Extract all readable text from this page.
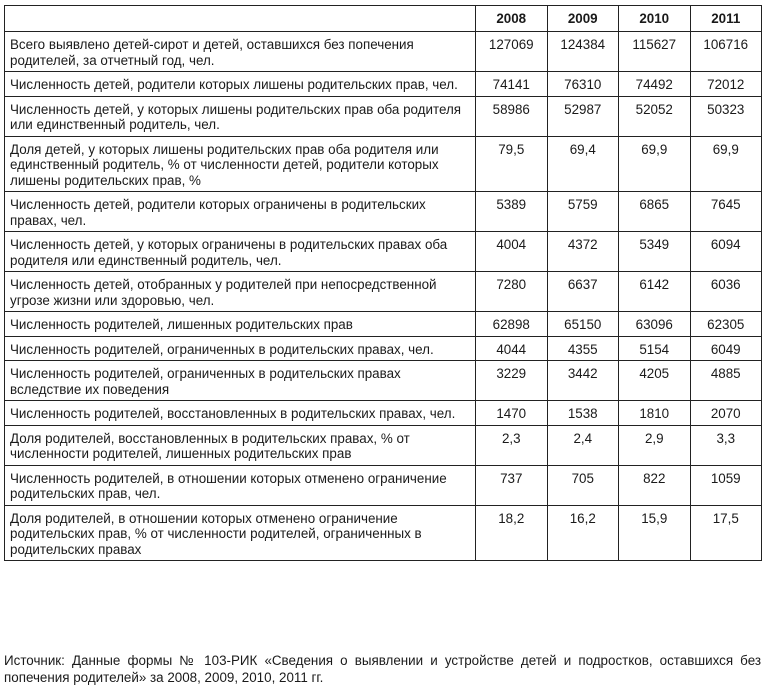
	2008	2009	2010	2011
Всего выявлено детей-сирот и детей, оставшихся без попечения родителей, за отчетный год, чел.	127069	124384	115627	106716
Численность детей, родители которых лишены родительских прав, чел.	74141	76310	74492	72012
Численность детей, у которых лишены родительских прав оба родителя или единственный родитель, чел.	58986	52987	52052	50323
Доля детей, у которых лишены родительских прав оба родителя или единственный родитель, % от численности детей, родители которых лишены родительских прав, %	79,5	69,4	69,9	69,9
Численность детей, родители которых ограничены в родительских правах, чел.	5389	5759	6865	7645
Численность детей, у которых ограничены в родительских правах оба родителя или единственный родитель, чел.	4004	4372	5349	6094
Численность детей, отобранных у родителей при непосредственной угрозе жизни или здоровью, чел.	7280	6637	6142	6036
Численность родителей, лишенных родительских прав	62898	65150	63096	62305
Численность родителей, ограниченных в родительских правах, чел.	4044	4355	5154	6049
Численность родителей, ограниченных в родительских правах вследствие их поведения	3229	3442	4205	4885
Численность родителей, восстановленных в родительских правах, чел.	1470	1538	1810	2070
Доля родителей, восстановленных в родительских правах, % от численности родителей, лишенных родительских прав	2,3	2,4	2,9	3,3
Численность родителей, в отношении которых отменено ограничение родительских прав, чел.	737	705	822	1059
Доля родителей, в отношении которых отменено ограничение родительских прав, % от численности родителей, ограниченных в родительских правах	18,2	16,2	15,9	17,5
Источник: Данные формы № 103-РИК «Сведения о выявлении и устройстве детей и подростков, оставшихся без попечения родителей» за 2008, 2009, 2010, 2011 гг.
